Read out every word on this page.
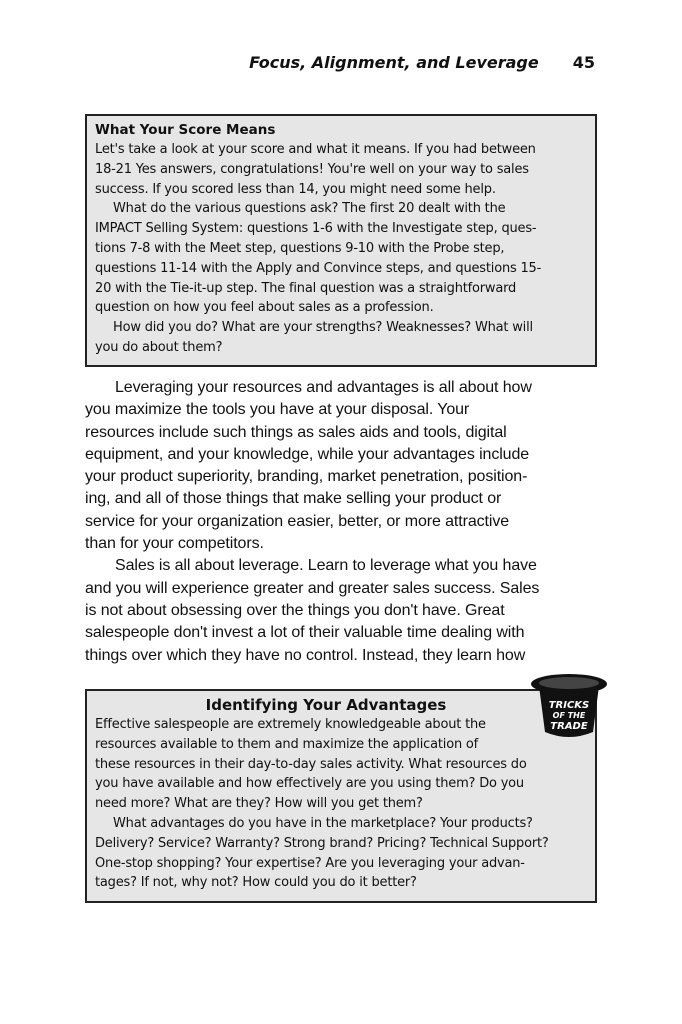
Focus, Alignment, and Leverage 45
What Your Score Means
Let's take a look at your score and what it means. If you had between
18-21 Yes answers, congratulations! You're well on your way to sales
success. If you scored less than 14, you might need some help.
What do the various questions ask? The first 20 dealt with the
IMPACT Selling System: questions 1-6 with the Investigate step, ques-
tions 7-8 with the Meet step, questions 9-10 with the Probe step,
questions 11-14 with the Apply and Convince steps, and questions 15-
20 with the Tie-it-up step. The final question was a straightforward
question on how you feel about sales as a profession.
How did you do? What are your strengths? Weaknesses? What will
you do about them?
Leveraging your resources and advantages is all about how
you maximize the tools you have at your disposal. Your
resources include such things as sales aids and tools, digital
equipment, and your knowledge, while your advantages include
your product superiority, branding, market penetration, position-
ing, and all of those things that make selling your product or
service for your organization easier, better, or more attractive
than for your competitors.
Sales is all about leverage. Learn to leverage what you have
and you will experience greater and greater sales success. Sales
is not about obsessing over the things you don't have. Great
salespeople don't invest a lot of their valuable time dealing with
things over which they have no control. Instead, they learn how
Identifying Your Advantages
Effective salespeople are extremely knowledgeable about the
resources available to them and maximize the application of
these resources in their day-to-day sales activity. What resources do
you have available and how effectively are you using them? Do you
need more? What are they? How will you get them?
What advantages do you have in the marketplace? Your products?
Delivery? Service? Warranty? Strong brand? Pricing? Technical Support?
One-stop shopping? Your expertise? Are you leveraging your advan-
tages? If not, why not? How could you do it better?
TRICKS
OF THE
TRADE
